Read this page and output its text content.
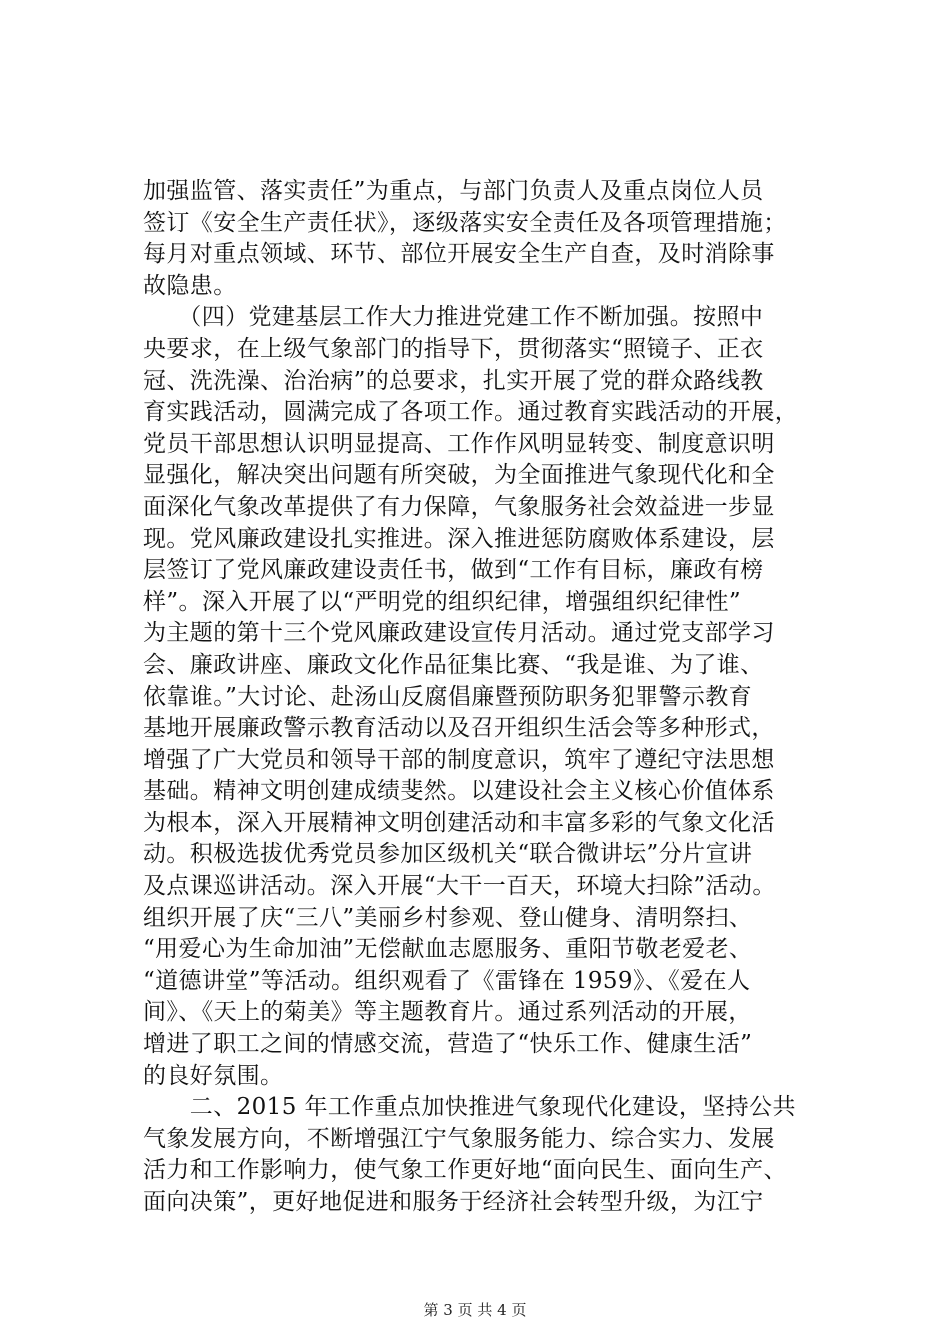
加强监管、落实责任”为重点，与部门负责人及重点岗位人员
签订《安全生产责任状》，逐级落实安全责任及各项管理措施；
每月对重点领域、环节、部位开展安全生产自查，及时消除事
故隐患。
　　（四）党建基层工作大力推进党建工作不断加强。按照中
央要求，在上级气象部门的指导下，贯彻落实“照镜子、正衣
冠、洗洗澡、治治病”的总要求，扎实开展了党的群众路线教
育实践活动，圆满完成了各项工作。通过教育实践活动的开展，
党员干部思想认识明显提高、工作作风明显转变、制度意识明
显强化，解决突出问题有所突破，为全面推进气象现代化和全
面深化气象改革提供了有力保障，气象服务社会效益进一步显
现。党风廉政建设扎实推进。深入推进惩防腐败体系建设，层
层签订了党风廉政建设责任书，做到“工作有目标，廉政有榜
样”。深入开展了以“严明党的组织纪律，增强组织纪律性”
为主题的第十三个党风廉政建设宣传月活动。通过党支部学习
会、廉政讲座、廉政文化作品征集比赛、“我是谁、为了谁、
依靠谁。”大讨论、赴汤山反腐倡廉暨预防职务犯罪警示教育
基地开展廉政警示教育活动以及召开组织生活会等多种形式，
增强了广大党员和领导干部的制度意识，筑牢了遵纪守法思想
基础。精神文明创建成绩斐然。以建设社会主义核心价值体系
为根本，深入开展精神文明创建活动和丰富多彩的气象文化活
动。积极选拔优秀党员参加区级机关“联合微讲坛”分片宣讲
及点课巡讲活动。深入开展“大干一百天，环境大扫除”活动。
组织开展了庆“三八”美丽乡村参观、登山健身、清明祭扫、
“用爱心为生命加油”无偿献血志愿服务、重阳节敬老爱老、
“道德讲堂”等活动。组织观看了《雷锋在 1959》、《爱在人
间》、《天上的菊美》等主题教育片。通过系列活动的开展，
增进了职工之间的情感交流，营造了“快乐工作、健康生活”
的良好氛围。
　　二、2015 年工作重点加快推进气象现代化建设，坚持公共
气象发展方向，不断增强江宁气象服务能力、综合实力、发展
活力和工作影响力，使气象工作更好地“面向民生、面向生产、
面向决策”，更好地促进和服务于经济社会转型升级，为江宁
第 3 页 共 4 页
